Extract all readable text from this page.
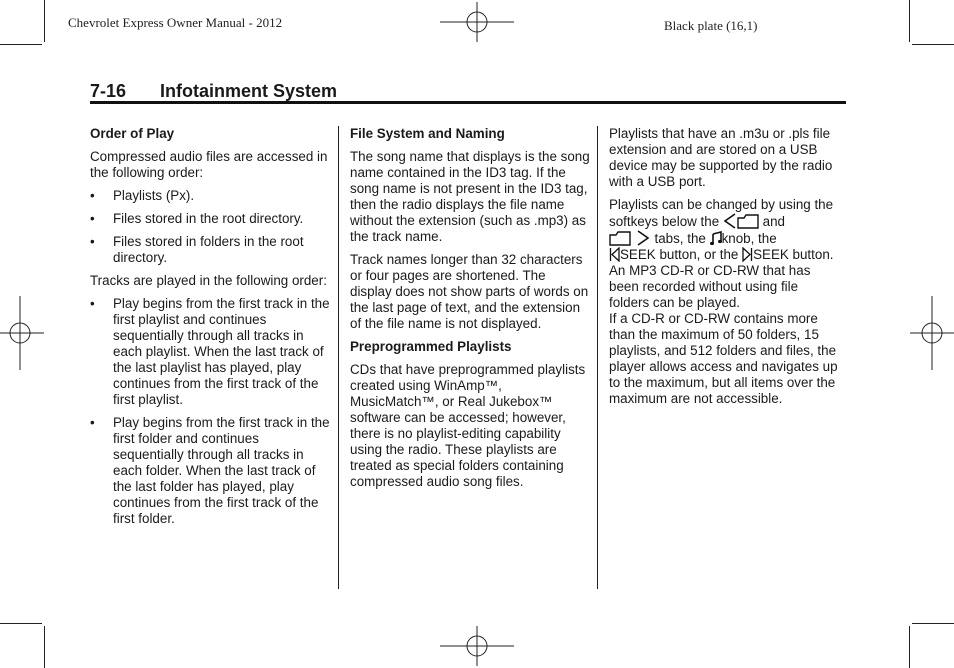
Chevrolet Express Owner Manual - 2012	Black plate (16,1)
7-16 Infotainment System
Order of Play

Compressed audio files are accessed in the following order:

• Playlists (Px).
• Files stored in the root directory.
• Files stored in folders in the root directory.

Tracks are played in the following order:

• Play begins from the first track in the first playlist and continues sequentially through all tracks in each playlist. When the last track of the last playlist has played, play continues from the first track of the first playlist.
• Play begins from the first track in the first folder and continues sequentially through all tracks in each folder. When the last track of the last folder has played, play continues from the first track of the first folder.
File System and Naming

The song name that displays is the song name contained in the ID3 tag. If the song name is not present in the ID3 tag, then the radio displays the file name without the extension (such as .mp3) as the track name.

Track names longer than 32 characters or four pages are shortened. The display does not show parts of words on the last page of text, and the extension of the file name is not displayed.

Preprogrammed Playlists

CDs that have preprogrammed playlists created using WinAmp™, MusicMatch™, or Real Jukebox™ software can be accessed; however, there is no playlist-editing capability using the radio. These playlists are treated as special folders containing compressed audio song files.

Playlists that have an .m3u or .pls file extension and are stored on a USB device may be supported by the radio with a USB port.

Playlists can be changed by using the softkeys below the	and
tabs, the knob, the
SEEK button, or the SEEK button. An MP3 CD-R or CD-RW that has been recorded without using file folders can be played.

If a CD-R or CD-RW contains more than the maximum of 50 folders, 15 playlists, and 512 folders and files, the player allows access and navigates up to the maximum, but all items over the maximum are not accessible.
